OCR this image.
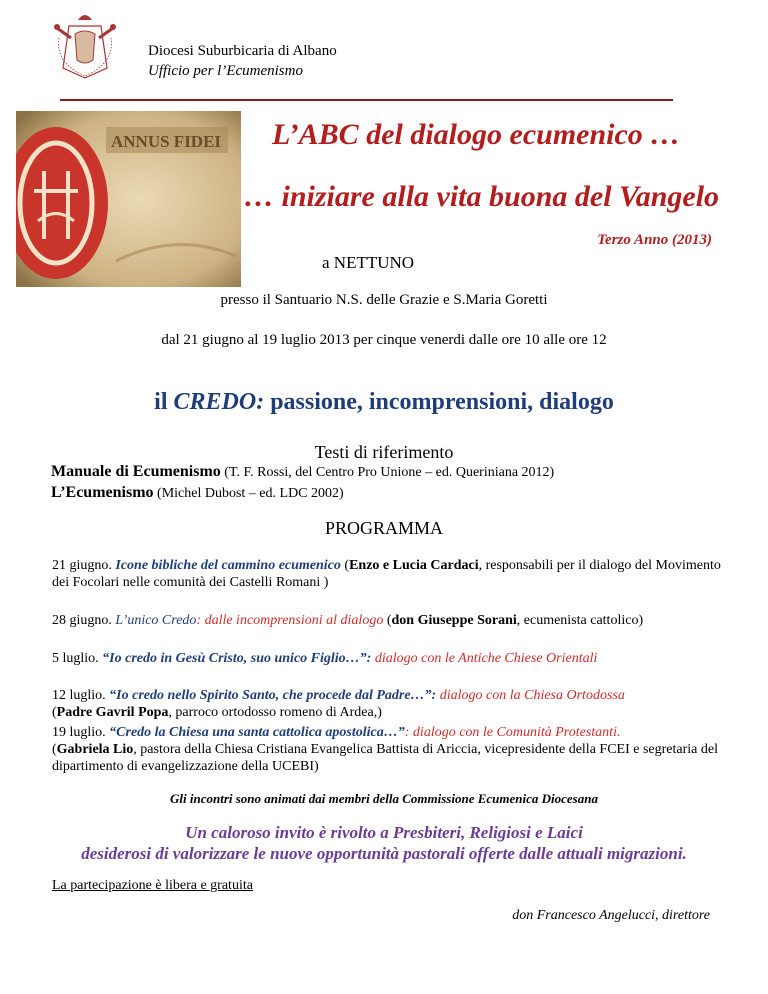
Diocesi Suburbicaria di Albano
Ufficio per l’Ecumenismo
ANNUS FIDEI L’ABC del dialogo ecumenico …
… iniziare alla vita buona del Vangelo
Terzo Anno (2013)
a NETTUNO
presso il Santuario N.S. delle Grazie e S.Maria Goretti
dal 21 giugno al 19 luglio 2013 per cinque venerdi dalle ore 10 alle ore 12
il CREDO: passione, incomprensioni, dialogo
Testi di riferimento
Manuale di Ecumenismo (T. F. Rossi, del Centro Pro Unione – ed. Queriniana 2012)
L’Ecumenismo (Michel Dubost – ed. LDC 2002)
PROGRAMMA
21 giugno. Icone bibliche del cammino ecumenico (Enzo e Lucia Cardaci, responsabili per il dialogo del Movimento dei Focolari nelle comunità dei Castelli Romani )
28 giugno. L’unico Credo: dalle incomprensioni al dialogo (don Giuseppe Sorani, ecumenista cattolico)
5 luglio. “Io credo in Gesù Cristo, suo unico Figlio…”: dialogo con le Antiche Chiese Orientali
12 luglio. “Io credo nello Spirito Santo, che procede dal Padre…”: dialogo con la Chiesa Ortodossa
(Padre Gavril Popa, parroco ortodosso romeno di Ardea,)
19 luglio. “Credo la Chiesa una santa cattolica apostolica…”: dialogo con le Comunità Protestanti.
(Gabriela Lio, pastora della Chiesa Cristiana Evangelica Battista di Ariccia, vicepresidente della FCEI e segretaria del dipartimento di evangelizzazione della UCEBI)
Gli incontri sono animati dai membri della Commissione Ecumenica Diocesana
Un caloroso invito è rivolto a Presbiteri, Religiosi e Laici
desiderosi di valorizzare le nuove opportunità pastorali offerte dalle attuali migrazioni.
La partecipazione è libera e gratuita
don Francesco Angelucci, direttore
